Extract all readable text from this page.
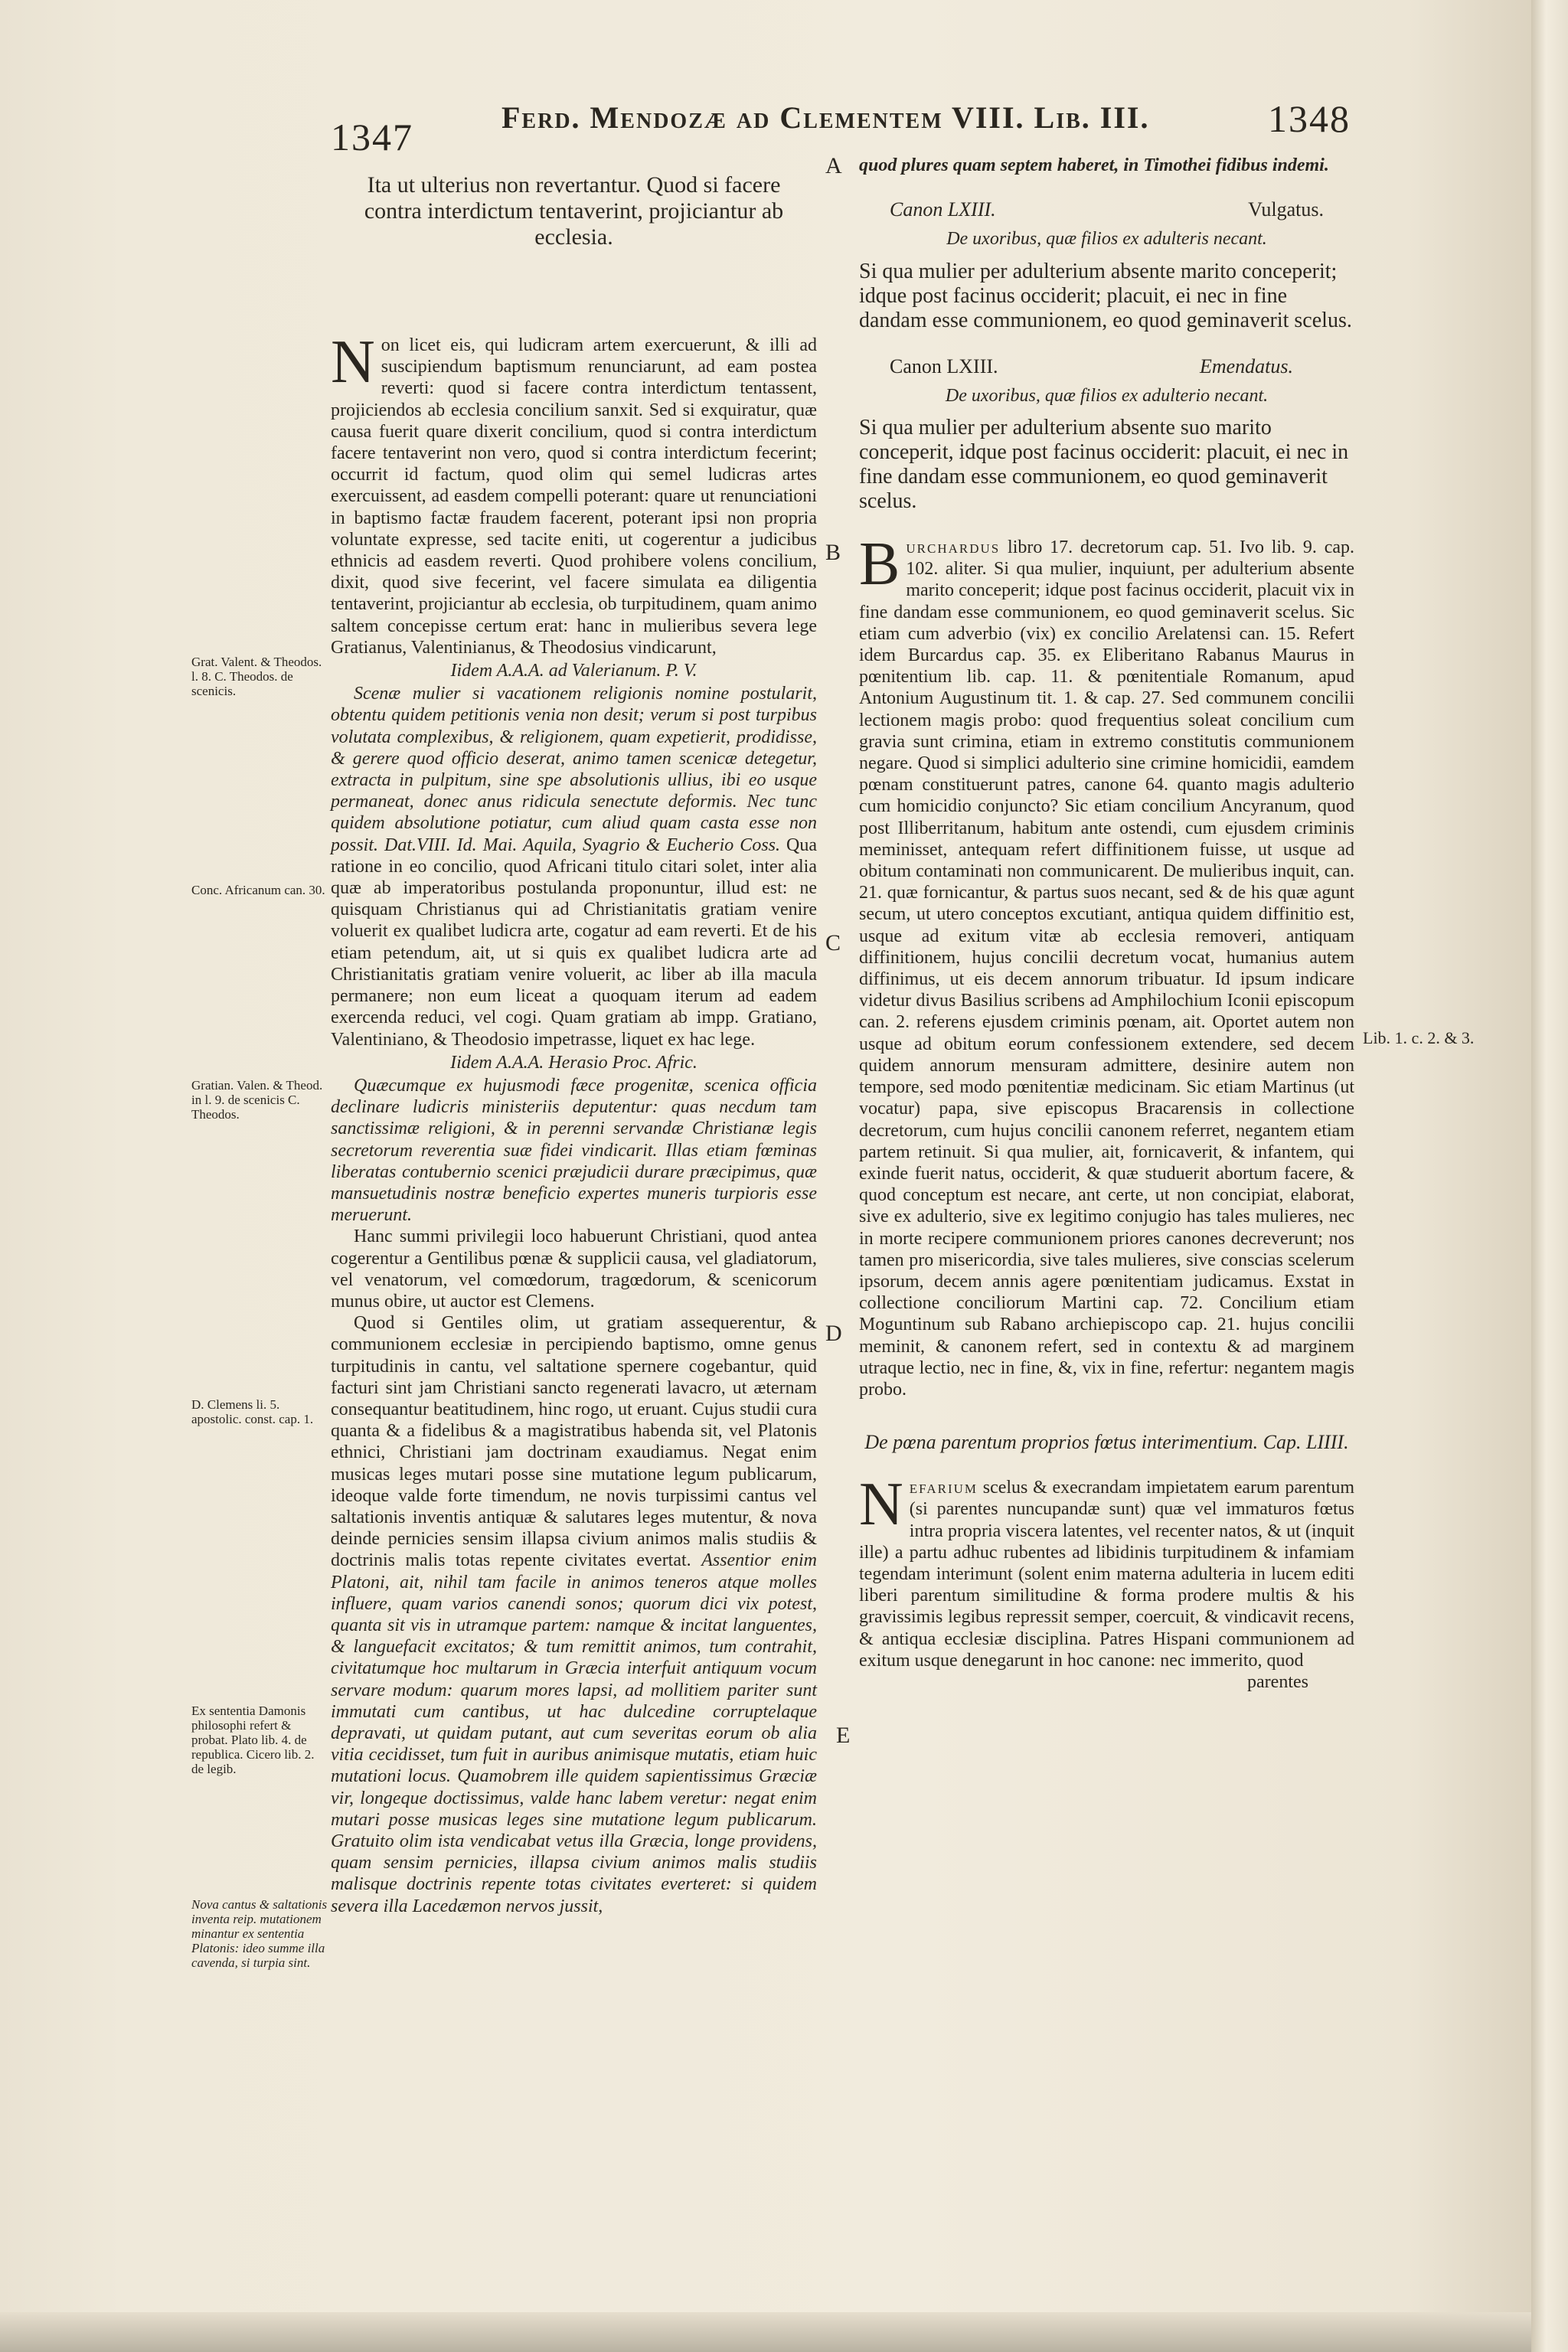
1347	Ferd. Mendozæ ad Clementem VIII. Lib. III.	1348
Ita ut ulterius non revertantur. Quod si facere contra interdictum tentaverint, projiciantur ab ecclesia.

Non licet eis, qui ludicram artem exercuerunt, & illi ad suscipiendum baptismum renunciarunt, ad eam postea reverti: quod si facere contra interdictum tentassent, projiciendos ab ecclesia concilium sanxit. Sed si exquiratur, quæ causa fuerit quare dixerit concilium, quod si contra interdictum facere tentaverint non vero, quod si contra interdictum fecerint; occurrit id factum, quod olim qui semel ludicras artes exercuissent, ad easdem compelli poterant: quare ut renunciationi in baptismo factæ fraudem facerent, poterant ipsi non propria voluntate expresse, sed tacite eniti, ut cogerentur a judicibus ethnicis ad easdem reverti. Quod prohibere volens concilium, dixit, quod sive fecerint, vel facere simulata ea diligentia tentaverint, projiciantur ab ecclesia, ob turpitudinem, quam animo saltem concepisse certum erat: hanc in mulieribus severa lege Gratianus, Valentinianus, & Theodosius vindicarunt,

Iidem A.A.A. ad Valerianum. P. V.

Scenæ mulier si vacationem religionis nomine postularit, obtentu quidem petitionis venia non desit; verum si post turpibus volutata complexibus, & religionem, quam expetierit, prodidisse, & gerere quod officio deserat, animo tamen scenicæ detegetur, extracta in pulpitum, sine spe absolutionis ullius, ibi eo usque permaneat, donec anus ridicula senectute deformis. Nec tunc quidem absolutione potiatur, cum aliud quam casta esse non possit. Dat.VIII. Id. Mai. Aquila, Syagrio & Eucherio Coss. Qua ratione in eo concilio, quod Africani titulo citari solet, inter alia quæ ab imperatoribus postulanda proponuntur, illud est: ne quisquam Christianus qui ad Christianitatis gratiam venire voluerit ex qualibet ludicra arte, cogatur ad eam reverti. Et de his etiam petendum, ait, ut si quis ex qualibet ludicra arte ad Christianitatis gratiam venire voluerit, ac liber ab illa macula permanere; non eum liceat a quoquam iterum ad eadem exercenda reduci, vel cogi. Quam gratiam ab impp. Gratiano, Valentiniano, & Theodosio impetrasse, liquet ex hac lege.

Iidem A.A.A. Herasio Proc. Afric.

Quæcumque ex hujusmodi fæce progenitæ, scenica officia declinare ludicris ministeriis deputentur: quas necdum tam sanctissimæ religioni, & in perenni servandæ Christianæ legis secretorum reverentia suæ fidei vindicarit. Illas etiam fœminas liberatas contubernio scenici præjudicii durare præcipimus, quæ mansuetudinis nostræ beneficio expertes muneris turpioris esse meruerunt.

Hanc summi privilegii loco habuerunt Christiani, quod antea cogerentur a Gentilibus pœnæ & supplicii causa, vel gladiatorum, vel venatorum, vel comœdorum, tragœdorum, & scenicorum munus obire, ut auctor est Clemens.

Quod si Gentiles olim, ut gratiam assequerentur, & communionem ecclesiæ in percipiendo baptismo, omne genus turpitudinis in cantu, vel saltatione spernere cogebantur, quid facturi sint jam Christiani sancto regenerati lavacro, ut æternam consequantur beatitudinem, hinc rogo, ut eruant. Cujus studii cura quanta & a fidelibus & a magistratibus habenda sit, vel Platonis ethnici, Christiani jam doctrinam exaudiamus. Negat enim musicas leges mutari posse sine mutatione legum publicarum, ideoque valde forte timendum, ne novis turpissimi cantus vel saltationis inventis antiquæ & salutares leges mutentur, & nova deinde pernicies sensim illapsa civium animos malis studiis & doctrinis malis totas repente civitates evertat. Assentior enim Platoni, ait, nihil tam facile in animos teneros atque molles influere, quam varios canendi sonos; quorum dici vix potest, quanta sit vis in utramque partem: namque & incitat languentes, & languefacit excitatos; & tum remittit animos, tum contrahit, civitatumque hoc multarum in Græcia interfuit antiquum vocum servare modum: quarum mores lapsi, ad mollitiem pariter sunt immutati cum cantibus, ut hac dulcedine corruptelaque depravati, ut quidam putant, aut cum severitas eorum ob alia vitia cecidisset, tum fuit in auribus animisque mutatis, etiam huic mutationi locus. Quamobrem ille quidem sapientissimus Græciæ vir, longeque doctissimus, valde hanc labem veretur: negat enim mutari posse musicas leges sine mutatione legum publicarum. Gratuito olim ista vendicabat vetus illa Græcia, longe providens, quam sensim pernicies, illapsa civium animos malis studiis malisque doctrinis repente totas civitates everteret: si quidem severa illa Lacedæmon nervos jussit,

Grat. Valent. & Theodos. l. 8. C. Theodos. de scenicis.
Conc. Africanum can. 30.
Gratian. Valen. & Theod. in l. 9. de scenicis C. Theodos.
D. Clemens li. 5. apostolic. const. cap. 1.
Ex sententia Damonis philosophi refert & probat. Plato lib. 4. de republica. Cicero lib. 2. de legib.
Nova cantus & saltationis inventa reip. mutationem minantur ex sententia Platonis: ideo summe illa cavenda, si turpia sint.
A
B
C
D
E
quod plures quam septem haberet, in Timothei fidibus indemi.
Canon LXIII.	Vulgatus.
De uxoribus, quæ filios ex adulteris necant.
Si qua mulier per adulterium absente marito conceperit; idque post facinus occiderit; placuit, ei nec in fine dandam esse communionem, eo quod geminaverit scelus.
Canon LXIII.	Emendatus.
De uxoribus, quæ filios ex adulterio necant.
Si qua mulier per adulterium absente suo marito conceperit, idque post facinus occiderit: placuit, ei nec in fine dandam esse communionem, eo quod geminaverit scelus.

Burchardus libro 17. decretorum cap. 51. Ivo lib. 9. cap. 102. aliter. Si qua mulier, inquiunt, per adulterium absente marito conceperit; idque post facinus occiderit, placuit vix in fine dandam esse communionem, eo quod geminaverit scelus. Sic etiam cum adverbio (vix) ex concilio Arelatensi can. 15. Refert idem Burcardus cap. 35. ex Eliberitano Rabanus Maurus in pœnitentium lib. cap. 11. & pœnitentiale Romanum, apud Antonium Augustinum tit. 1. & cap. 27. Sed communem concilii lectionem magis probo: quod frequentius soleat concilium cum gravia sunt crimina, etiam in extremo constitutis communionem negare. Quod si simplici adulterio sine crimine homicidii, eamdem pœnam constituerunt patres, canone 64. quanto magis adulterio cum homicidio conjuncto? Sic etiam concilium Ancyranum, quod post Illiberritanum, habitum ante ostendi, cum ejusdem criminis meminisset, antequam refert diffinitionem fuisse, ut usque ad obitum contaminati non communicarent. De mulieribus inquit, can. 21. quæ fornicantur, & partus suos necant, sed & de his quæ agunt secum, ut utero conceptos excutiant, antiqua quidem diffinitio est, usque ad exitum vitæ ab ecclesia removeri, antiquam diffinitionem, hujus concilii decretum vocat, humanius autem diffinimus, ut eis decem annorum tribuatur. Id ipsum indicare videtur divus Basilius scribens ad Amphilochium Iconii episcopum can. 2. referens ejusdem criminis pœnam, ait. Oportet autem non usque ad obitum eorum confessionem extendere, sed decem quidem annorum mensuram admittere, desinire autem non tempore, sed modo pœnitentiæ medicinam. Sic etiam Martinus (ut vocatur) papa, sive episcopus Bracarensis in collectione decretorum, cum hujus concilii canonem referret, negantem etiam partem retinuit. Si qua mulier, ait, fornicaverit, & infantem, qui exinde fuerit natus, occiderit, & quæ studuerit abortum facere, & quod conceptum est necare, ant certe, ut non concipiat, elaborat, sive ex adulterio, sive ex legitimo conjugio has tales mulieres, nec in morte recipere communionem priores canones decreverunt; nos tamen pro misericordia, sive tales mulieres, sive conscias scelerum ipsorum, decem annis agere pœnitentiam judicamus. Exstat in collectione conciliorum Martini cap. 72. Concilium etiam Moguntinum sub Rabano archiepiscopo cap. 21. hujus concilii meminit, & canonem refert, sed in contextu & ad marginem utraque lectio, nec in fine, &, vix in fine, refertur: negantem magis probo.

De pœna parentum proprios fœtus interimentium. Cap. LIIII.

Nefarium scelus & execrandam impietatem earum parentum (si parentes nuncupandæ sunt) quæ vel immaturos fœtus intra propria viscera latentes, vel recenter natos, & ut (inquit ille) a partu adhuc rubentes ad libidinis turpitudinem & infamiam tegendam interimunt (solent enim materna adulteria in lucem editi liberi parentum similitudine & forma prodere multis & his gravissimis legibus repressit semper, coercuit, & vindicavit recens, & antiqua ecclesiæ disciplina. Patres Hispani communionem ad exitum usque denegarunt in hoc canone: nec immerito, quod

parentes
Lib. 1. c. 2. & 3.
